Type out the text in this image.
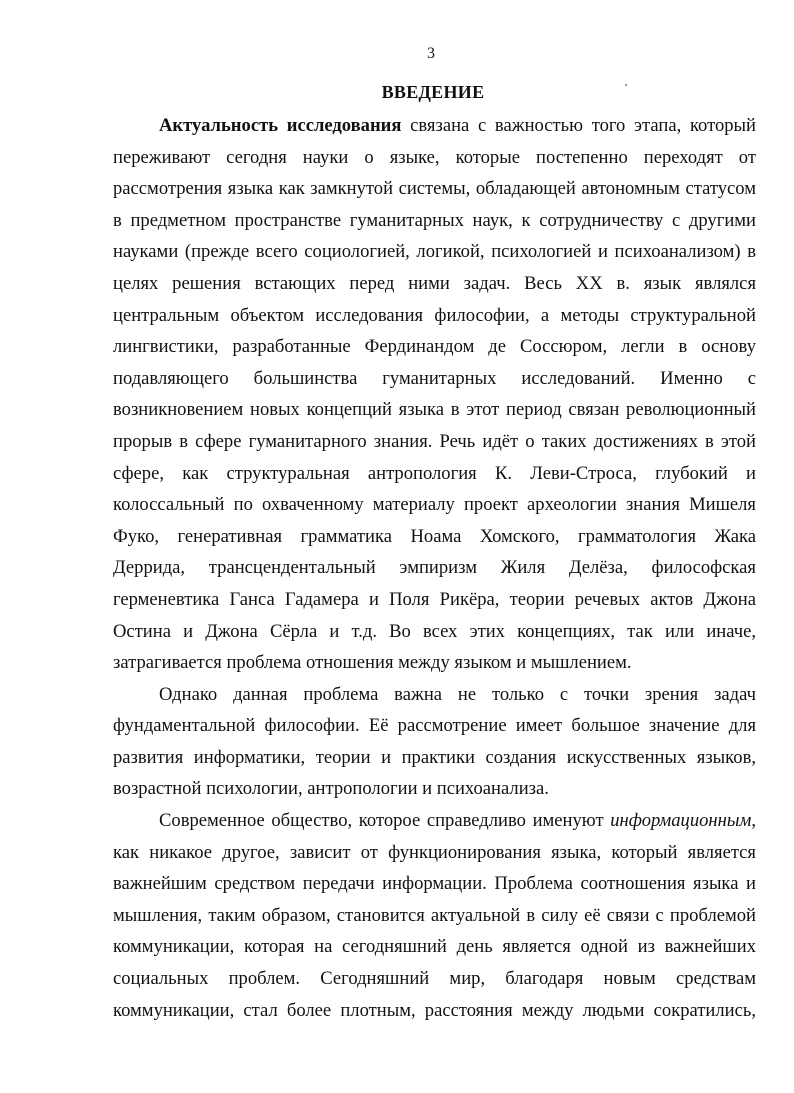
3
ВВЕДЕНИЕ
Актуальность исследования связана с важностью того этапа, который
переживают сегодня науки о языке, которые постепенно переходят от
рассмотрения языка как замкнутой системы, обладающей автономным статусом
в предметном пространстве гуманитарных наук, к сотрудничеству с другими
науками (прежде всего социологией, логикой, психологией и психоанализом) в
целях решения встающих перед ними задач. Весь XX в. язык являлся
центральным объектом исследования философии, а методы структуральной
лингвистики, разработанные Фердинандом де Соссюром, легли в основу
подавляющего большинства гуманитарных исследований. Именно с
возникновением новых концепций языка в этот период связан революционный
прорыв в сфере гуманитарного знания. Речь идёт о таких достижениях в этой
сфере, как структуральная антропология К. Леви-Строса, глубокий и
колоссальный по охваченному материалу проект археологии знания Мишеля
Фуко, генеративная грамматика Ноама Хомского, грамматология Жака
Деррида, трансцендентальный эмпиризм Жиля Делёза, философская
герменевтика Ганса Гадамера и Поля Рикёра, теории речевых актов Джона
Остина и Джона Сёрла и т.д. Во всех этих концепциях, так или иначе,
затрагивается проблема отношения между языком и мышлением.
Однако данная проблема важна не только с точки зрения задач
фундаментальной философии. Её рассмотрение имеет большое значение для
развития информатики, теории и практики создания искусственных языков,
возрастной психологии, антропологии и психоанализа.
Современное общество, которое справедливо именуют информационным,
как никакое другое, зависит от функционирования языка, который является
важнейшим средством передачи информации. Проблема соотношения языка и
мышления, таким образом, становится актуальной в силу её связи с проблемой
коммуникации, которая на сегодняшний день является одной из важнейших
социальных проблем. Сегодняшний мир, благодаря новым средствам
коммуникации, стал более плотным, расстояния между людьми сократились,
